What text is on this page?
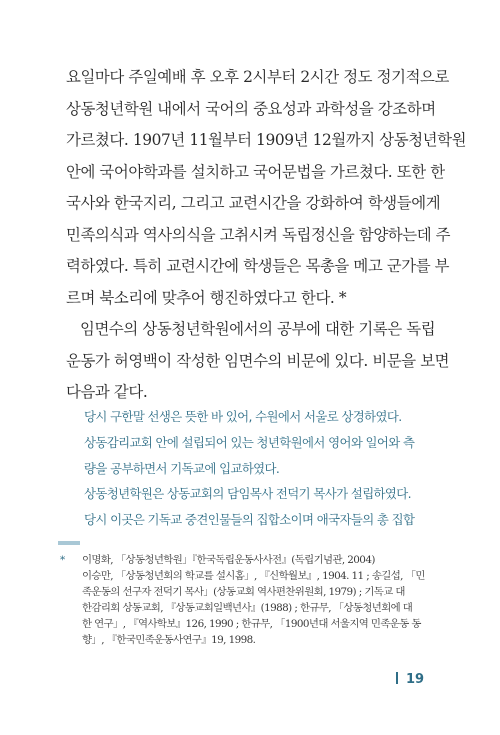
요일마다 주일예배 후 오후 2시부터 2시간 정도 정기적으로
상동청년학원 내에서 국어의 중요성과 과학성을 강조하며
가르쳤다. 1907년 11월부터 1909년 12월까지 상동청년학원
안에 국어야학과를 설치하고 국어문법을 가르쳤다. 또한 한
국사와 한국지리, 그리고 교련시간을 강화하여 학생들에게
민족의식과 역사의식을 고취시켜 독립정신을 함양하는데 주
력하였다. 특히 교련시간에 학생들은 목총을 메고 군가를 부
르며 북소리에 맞추어 행진하였다고 한다. *
임면수의 상동청년학원에서의 공부에 대한 기록은 독립
운동가 허영백이 작성한 임면수의 비문에 있다. 비문을 보면
다음과 같다.
당시 구한말 선생은 뜻한 바 있어, 수원에서 서울로 상경하였다.
상동감리교회 안에 설립되어 있는 청년학원에서 영어와 일어와 측
량을 공부하면서 기독교에 입교하였다.
상동청년학원은 상동교회의 담임목사 전덕기 목사가 설립하였다.
당시 이곳은 기독교 중견인물들의 집합소이며 애국자들의 총 집합
* 이명화, 「상동청년학원」『한국독립운동사사전』(독립기념관, 2004)
이승만, 「상동청년회의 학교를 설시홈」, 『신학월보』, 1904. 11 ; 송길섭, 「민
족운동의 선구자 전덕기 목사」(상동교회 역사편찬위원회, 1979) ; 기독교 대
한감리회 상동교회, 『상동교회일백년사』(1988) ; 한규무, 「상동청년회에 대
한 연구」, 『역사학보』126, 1990 ; 한규무, 「1900년대 서울지역 민족운동 동
향」, 『한국민족운동사연구』19, 1998.
19
